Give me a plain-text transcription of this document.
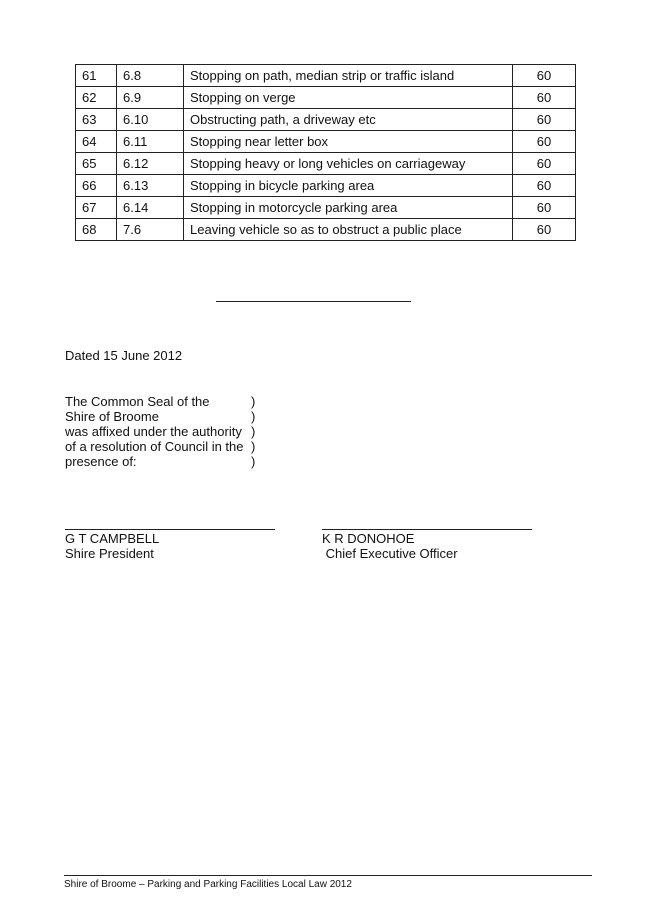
61	6.8	Stopping on path, median strip or traffic island	60
62	6.9	Stopping on verge	60
63	6.10	Obstructing path, a driveway etc	60
64	6.11	Stopping near letter box	60
65	6.12	Stopping heavy or long vehicles on carriageway	60
66	6.13	Stopping in bicycle parking area	60
67	6.14	Stopping in motorcycle parking area	60
68	7.6	Leaving vehicle so as to obstruct a public place	60
Dated 15 June 2012
The Common Seal of the	)
Shire of Broome	)
was affixed under the authority )
of a resolution of Council in the )
presence of:	)
G T CAMPBELL
Shire President
K R DONOHOE
Chief Executive Officer
Shire of Broome – Parking and Parking Facilities Local Law 2012
